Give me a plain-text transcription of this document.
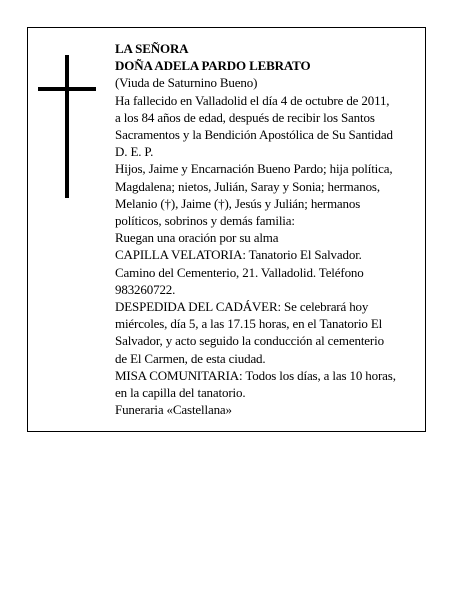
LA SEÑORA
DOÑA ADELA PARDO LEBRATO
(Viuda de Saturnino Bueno)

Ha fallecido en Valladolid el día 4 de octubre de 2011,
a los 84 años de edad, después de recibir los Santos
Sacramentos y la Bendición Apostólica de Su Santidad
D. E. P.

Hijos, Jaime y Encarnación Bueno Pardo; hija política,
Magdalena; nietos, Julián, Saray y Sonia; hermanos,
Melanio (†), Jaime (†), Jesús y Julián; hermanos
políticos, sobrinos y demás familia:

Ruegan una oración por su alma

CAPILLA VELATORIA: Tanatorio El Salvador.
Camino del Cementerio, 21. Valladolid. Teléfono
983260722.

DESPEDIDA DEL CADÁVER: Se celebrará hoy
miércoles, día 5, a las 17.15 horas, en el Tanatorio El
Salvador, y acto seguido la conducción al cementerio
de El Carmen, de esta ciudad.

MISA COMUNITARIA: Todos los días, a las 10 horas,
en la capilla del tanatorio.

Funeraria «Castellana»
